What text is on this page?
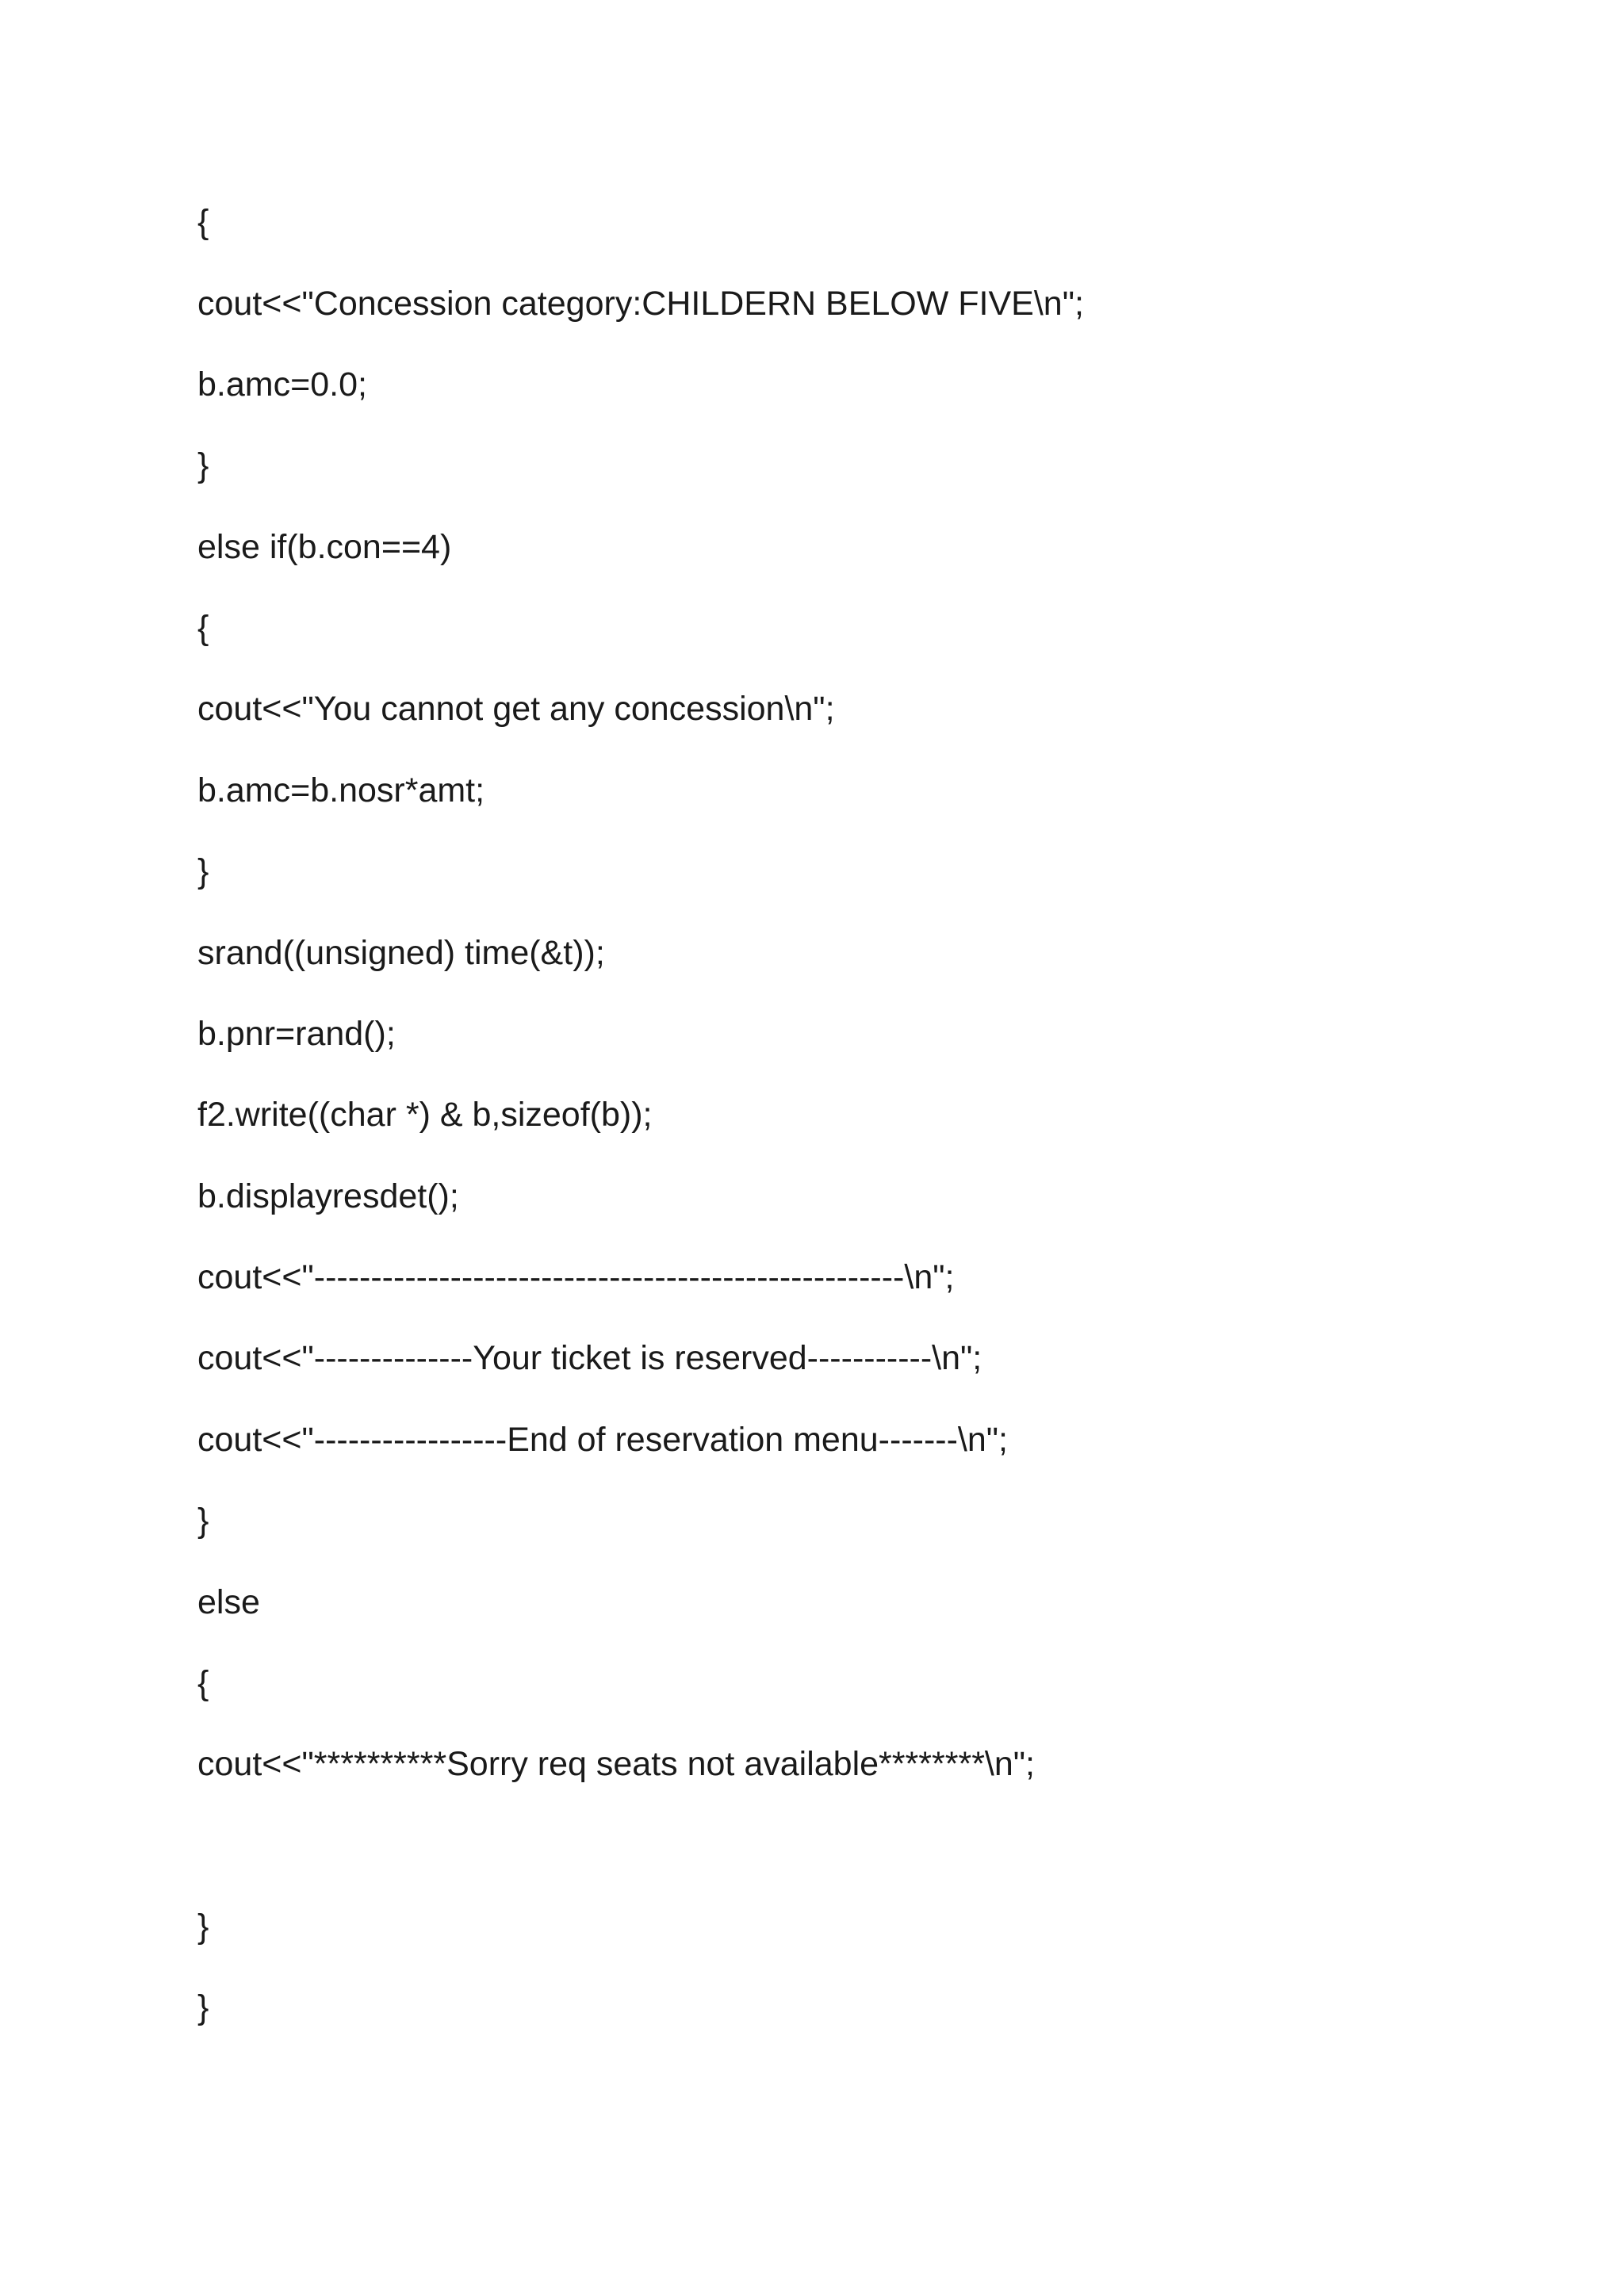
{
cout<<"Concession category:CHILDERN BELOW FIVE\n";
b.amc=0.0;
}
else if(b.con==4)
{
cout<<"You cannot get any concession\n";
b.amc=b.nosr*amt;
}
srand((unsigned) time(&t));
b.pnr=rand();
f2.write((char *) & b,sizeof(b));
b.displayresdet();
cout<<"----------------------------------------------------\n";
cout<<"--------------Your ticket is reserved-----------\n";
cout<<"-----------------End of reservation menu-------\n";
}
else
{
cout<<"**********Sorry req seats not available********\n";
}
}
